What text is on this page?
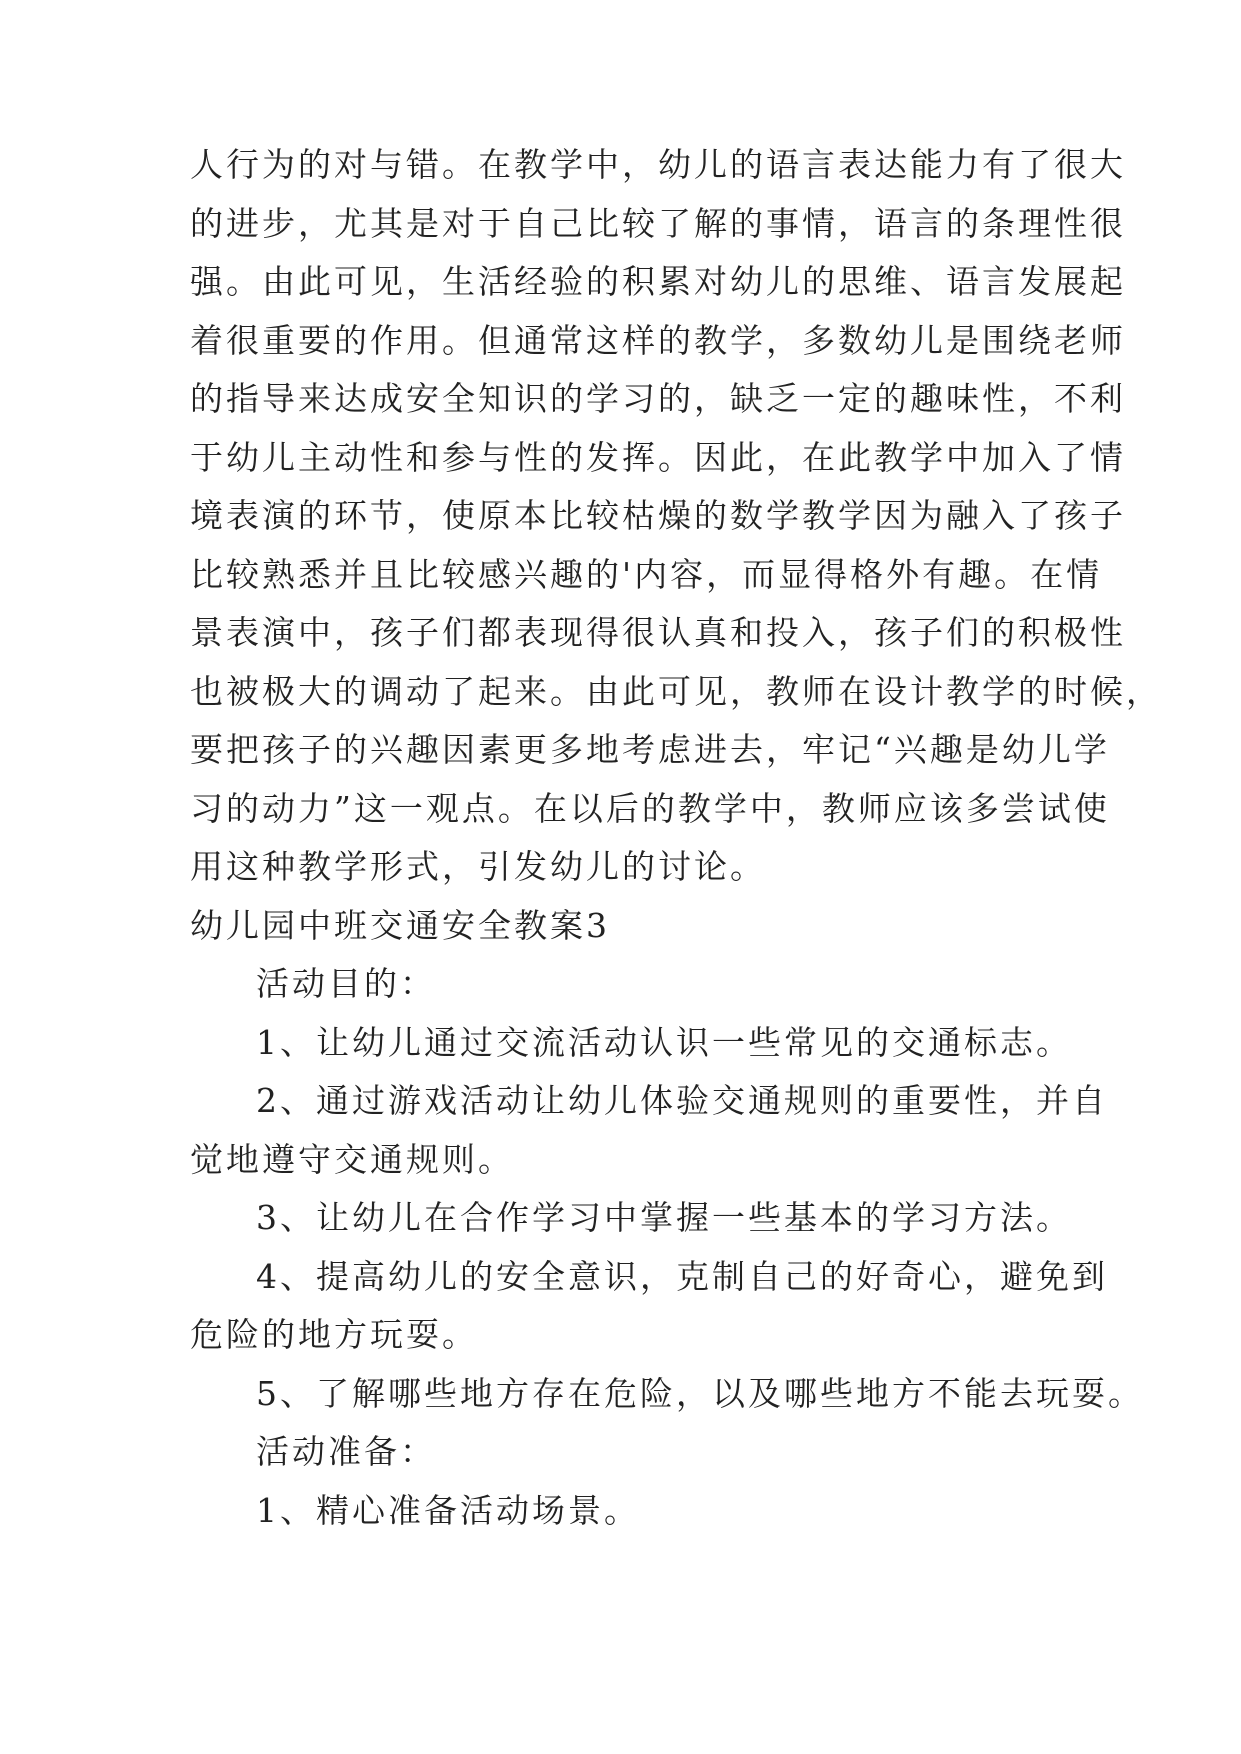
人行为的对与错。在教学中，幼儿的语言表达能力有了很大
的进步，尤其是对于自己比较了解的事情，语言的条理性很
强。由此可见，生活经验的积累对幼儿的思维、语言发展起
着很重要的作用。但通常这样的教学，多数幼儿是围绕老师
的指导来达成安全知识的学习的，缺乏一定的趣味性，不利
于幼儿主动性和参与性的发挥。因此，在此教学中加入了情
境表演的环节，使原本比较枯燥的数学教学因为融入了孩子
比较熟悉并且比较感兴趣的'内容，而显得格外有趣。在情
景表演中，孩子们都表现得很认真和投入，孩子们的积极性
也被极大的调动了起来。由此可见，教师在设计教学的时候，
要把孩子的兴趣因素更多地考虑进去，牢记“兴趣是幼儿学
习的动力”这一观点。在以后的教学中，教师应该多尝试使
用这种教学形式，引发幼儿的讨论。
幼儿园中班交通安全教案3
活动目的：
1、让幼儿通过交流活动认识一些常见的交通标志。
2、通过游戏活动让幼儿体验交通规则的重要性，并自
觉地遵守交通规则。
3、让幼儿在合作学习中掌握一些基本的学习方法。
4、提高幼儿的安全意识，克制自己的好奇心，避免到
危险的地方玩耍。
5、了解哪些地方存在危险，以及哪些地方不能去玩耍。
活动准备：
1、精心准备活动场景。
